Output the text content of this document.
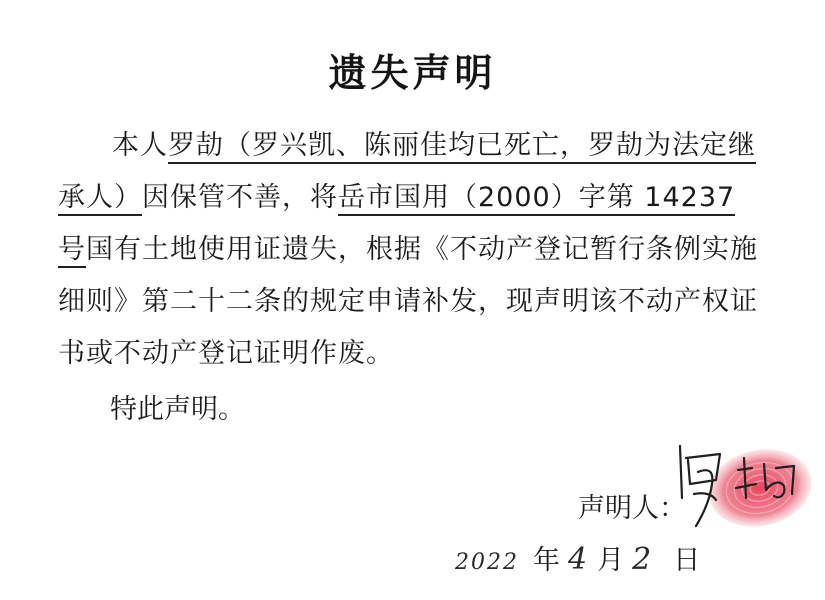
遗失声明

本人罗劼（罗兴凯、陈丽佳均已死亡，罗劼为法定继承人）因保管不善，将岳市国用（2000）字第 14237号国有土地使用证遗失，根据《不动产登记暂行条例实施细则》第二十二条的规定申请补发，现声明该不动产权证书或不动产登记证明作废。

特此声明。
声明人：
2022 年 4 月 2 日
